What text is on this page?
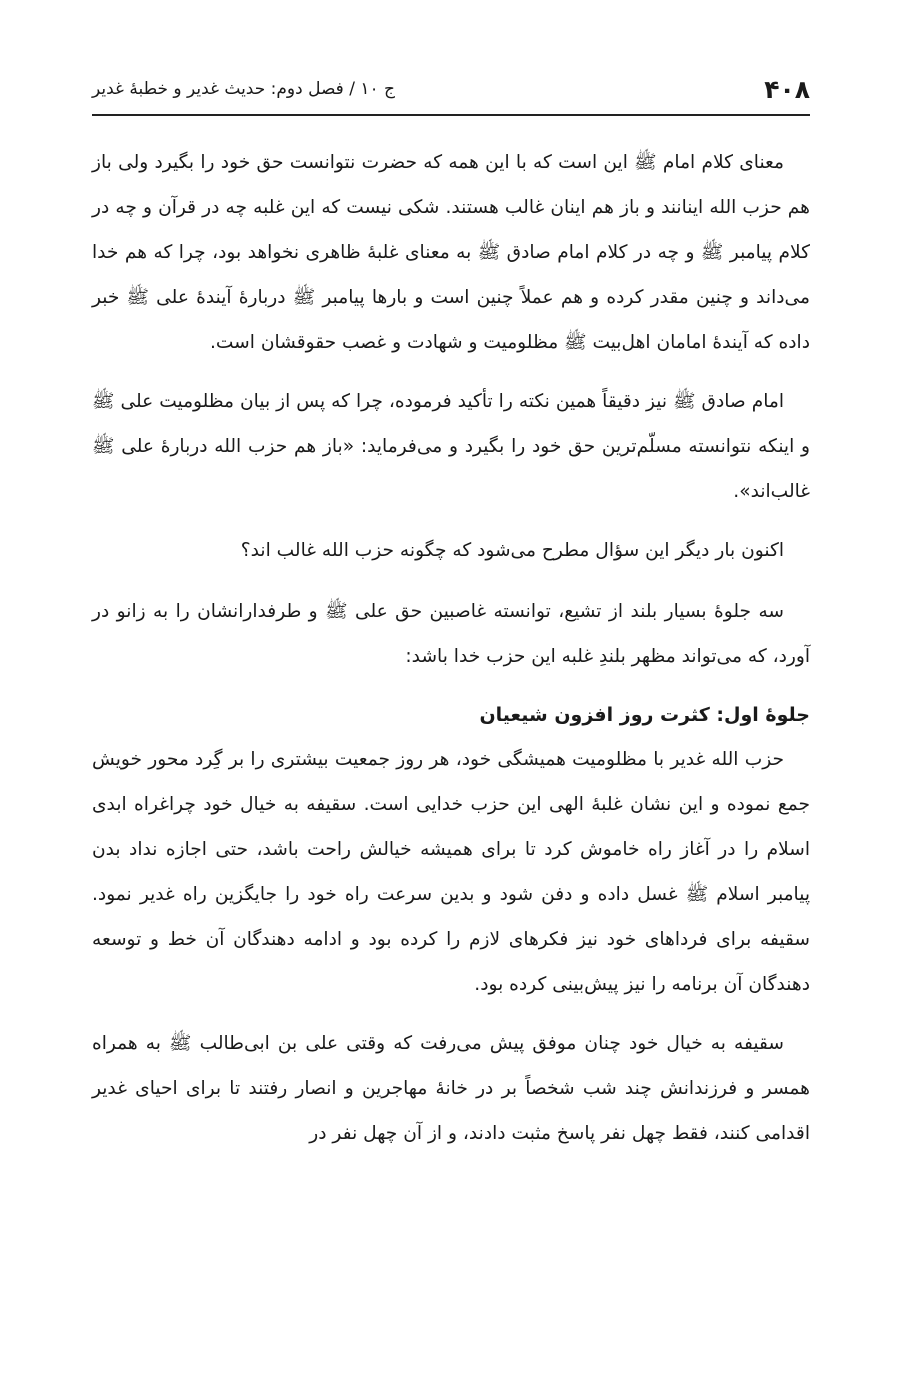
۴۰۸
ج ۱۰ / فصل دوم: حدیث غدیر و خطبهٔ غدیر

معنای کلام امام ﷺ این است که با این همه که حضرت نتوانست حق خود را بگیرد ولی باز هم حزب الله اینانند و باز هم اینان غالب هستند. شکی نیست که این غلبه چه در قرآن و چه در کلام پیامبر ﷺ و چه در کلام امام صادق ﷺ به معنای غلبهٔ ظاهری نخواهد بود، چرا که هم خدا می‌داند و چنین مقدر کرده و هم عملاً چنین است و بارها پیامبر ﷺ دربارهٔ آیندهٔ علی ﷺ خبر داده که آیندهٔ امامان اهل‌بیت ﷺ مظلومیت و شهادت و غصب حقوقشان است.

امام صادق ﷺ نیز دقیقاً همین نکته را تأکید فرموده، چرا که پس از بیان مظلومیت علی ﷺ و اینکه نتوانسته مسلّم‌ترین حق خود را بگیرد و می‌فرماید: «باز هم حزب الله دربارهٔ علی ﷺ غالب‌اند».

اکنون بار دیگر این سؤال مطرح می‌شود که چگونه حزب الله غالب اند؟

سه جلوهٔ بسیار بلند از تشیع، توانسته غاصبین حق علی ﷺ و طرفدارانشان را به زانو در آورد، که می‌تواند مظهر بلندِ غلبه این حزب خدا باشد:

جلوهٔ اول: کثرت روز افزون شیعیان

حزب الله غدیر با مظلومیت همیشگی خود، هر روز جمعیت بیشتری را بر گِرد محور خویش جمع نموده و این نشان غلبهٔ الهی این حزب خدایی است. سقیفه به خیال خود چراغراه ابدی اسلام را در آغاز راه خاموش کرد تا برای همیشه خیالش راحت باشد، حتی اجازه نداد بدن پیامبر اسلام ﷺ غسل داده و دفن شود و بدین سرعت راه خود را جایگزین راه غدیر نمود. سقیفه برای فرداهای خود نیز فکرهای لازم را کرده بود و ادامه دهندگان آن خط و توسعه دهندگان آن برنامه را نیز پیش‌بینی کرده بود.

سقیفه به خیال خود چنان موفق پیش می‌رفت که وقتی علی بن ابی‌طالب ﷺ به همراه همسر و فرزندانش چند شب شخصاً بر در خانهٔ مهاجرین و انصار رفتند تا برای احیای غدیر اقدامی کنند، فقط چهل نفر پاسخ مثبت دادند، و از آن چهل نفر در
